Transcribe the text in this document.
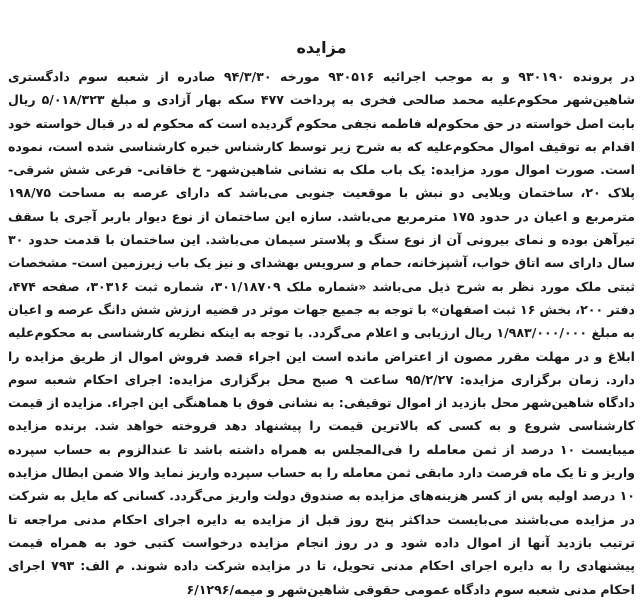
مزایده

در پرونده ۹۳۰۱۹۰ و به موجب اجرائیه ۹۳۰۵۱۶ مورخه ۹۴/۳/۳۰ صادره از شعبه سوم دادگستری شاهین‌شهر محکوم‌علیه محمد صالحی فخری به پرداخت ۴۷۷ سکه بهار آزادی و مبلغ ۵/۰۱۸/۳۲۳ ریال بابت اصل خواسته در حق محکوم‌له فاطمه نجفی محکوم گردیده است که محکوم له در قبال خواسته خود اقدام به توقیف اموال محکوم‌علیه که به شرح زیر توسط کارشناس خبره کارشناسی شده است، نموده است. صورت اموال مورد مزایده: یک باب ملک به نشانی شاهین‌شهر- خ خاقانی- فرعی شش شرقی- پلاک ۲۰، ساختمان ویلایی دو نبش با موقعیت جنوبی می‌باشد که دارای عرصه به مساحت ۱۹۸/۷۵ مترمربع و اعیان در حدود ۱۷۵ مترمربع می‌باشد. سازه این ساختمان از نوع دیوار باربر آجری با سقف تیرآهن بوده و نمای بیرونی آن از نوع سنگ و پلاستر سیمان می‌باشد. این ساختمان با قدمت حدود ۳۰ سال دارای سه اتاق خواب، آشپزخانه، حمام و سرویس بهشداى و نیز یک باب زیرزمین است- مشخصات ثبتی ملک مورد نظر به شرح ذیل می‌باشد «شماره ملک ۳۰۱/۱۸۷۰۹، شماره ثبت ۳۰۳۱۶، صفحه ۴۷۴، دفتر ۲۰۰، بخش ۱۶ ثبت اصفهان» با توجه به جمیع جهات موثر در قضیه ارزش شش دانگ عرصه و اعیان به مبلغ ۱/۹۸۳/۰۰۰/۰۰۰ ریال ارزیابی و اعلام می‌گردد. با توجه به اینکه نظریه کارشناسی به محکوم‌علیه ابلاغ و در مهلت مقرر مصون از اعتراض مانده است این اجراء قصد فروش اموال از طریق مزایده را دارد. زمان برگزاری مزایده: ۹۵/۲/۲۷ ساعت ۹ صبح محل برگزاری مزایده: اجرای احکام شعبه سوم دادگاه شاهین‌شهر محل بازدید از اموال توقیفی: به نشانی فوق با هماهنگی این اجراء. مزایده از قیمت کارشناسی شروع و به کسی که بالاترین قیمت را پیشنهاد دهد فروخته خواهد شد. برنده مزایده میبایست ۱۰ درصد از ثمن معامله را فی‌المجلس به همراه داشته باشد تا عندالزوم به حساب سپرده واریز و تا یک ماه فرصت دارد مابقی ثمن معامله را به حساب سپرده واریز نماید والا ضمن ابطال مزایده ۱۰ درصد اولیه پس از کسر هزینه‌های مزایده به صندوق دولت واریز می‌گردد. کسانی که مایل به شرکت در مزایده می‌باشند می‌بایست حداکثر پنج روز قبل از مزایده به دایره اجرای احکام مدنی مراجعه تا ترتیب بازدید آنها از اموال داده شود و در روز انجام مزایده درخواست کتبی خود به همراه قیمت پیشنهادی را به دایره اجرای احکام مدنی تحویل، تا در مزایده شرکت داده شوند. م الف: ۷۹۳ اجرای احکام مدنی شعبه سوم دادگاه عمومی حقوقی شاهین‌شهر و میمه/۶/۱۲۹۶
